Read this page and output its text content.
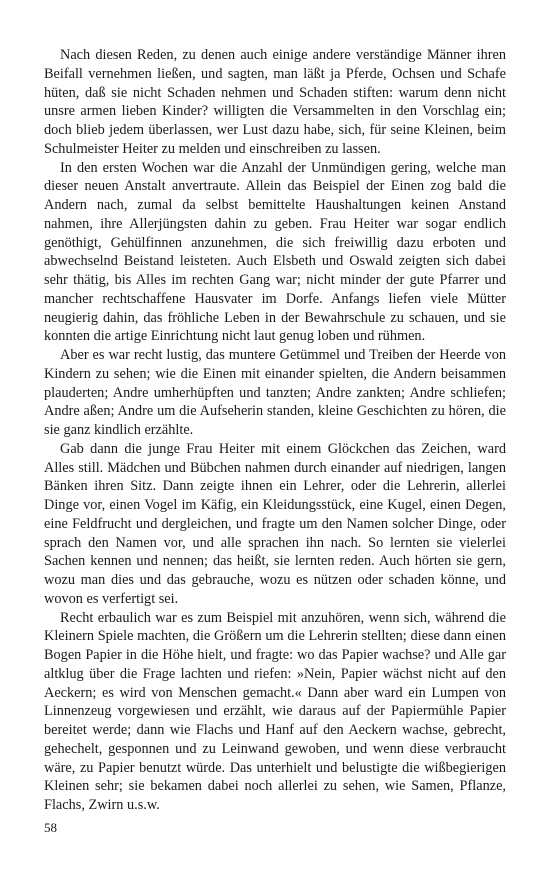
Nach diesen Reden, zu denen auch einige andere verständige Männer ihren Beifall vernehmen ließen, und sagten, man läßt ja Pferde, Ochsen und Schafe hüten, daß sie nicht Schaden nehmen und Schaden stiften: warum denn nicht unsre armen lieben Kinder? willigten die Versammelten in den Vorschlag ein; doch blieb jedem überlassen, wer Lust dazu habe, sich, für seine Kleinen, beim Schulmeister Heiter zu melden und einschreiben zu lassen.

In den ersten Wochen war die Anzahl der Unmündigen gering, welche man dieser neuen Anstalt anvertraute. Allein das Beispiel der Einen zog bald die Andern nach, zumal da selbst bemittelte Haushaltungen keinen Anstand nahmen, ihre Allerjüngsten dahin zu geben. Frau Heiter war sogar endlich genöthigt, Gehülfinnen anzunehmen, die sich freiwillig dazu erboten und abwechselnd Beistand leisteten. Auch Elsbeth und Oswald zeigten sich dabei sehr thätig, bis Alles im rechten Gang war; nicht minder der gute Pfarrer und mancher rechtschaffene Hausvater im Dorfe. Anfangs liefen viele Mütter neugierig dahin, das fröhliche Leben in der Bewahrschule zu schauen, und sie konnten die artige Einrichtung nicht laut genug loben und rühmen.

Aber es war recht lustig, das muntere Getümmel und Treiben der Heerde von Kindern zu sehen; wie die Einen mit einander spielten, die Andern beisammen plauderten; Andre umherhüpften und tanzten; Andre zankten; Andre schliefen; Andre aßen; Andre um die Aufseherin standen, kleine Geschichten zu hören, die sie ganz kindlich erzählte.

Gab dann die junge Frau Heiter mit einem Glöckchen das Zeichen, ward Alles still. Mädchen und Bübchen nahmen durch einander auf niedrigen, langen Bänken ihren Sitz. Dann zeigte ihnen ein Lehrer, oder die Lehrerin, allerlei Dinge vor, einen Vogel im Käfig, ein Kleidungsstück, eine Kugel, einen Degen, eine Feldfrucht und dergleichen, und fragte um den Namen solcher Dinge, oder sprach den Namen vor, und alle sprachen ihn nach. So lernten sie vielerlei Sachen kennen und nennen; das heißt, sie lernten reden. Auch hörten sie gern, wozu man dies und das gebrauche, wozu es nützen oder schaden könne, und wovon es verfertigt sei.

Recht erbaulich war es zum Beispiel mit anzuhören, wenn sich, während die Kleinern Spiele machten, die Größern um die Lehrerin stellten; diese dann einen Bogen Papier in die Höhe hielt, und fragte: wo das Papier wachse? und Alle gar altklug über die Frage lachten und riefen: »Nein, Papier wächst nicht auf den Aeckern; es wird von Menschen gemacht.« Dann aber ward ein Lumpen von Linnenzeug vorgewiesen und erzählt, wie daraus auf der Papiermühle Papier bereitet werde; dann wie Flachs und Hanf auf den Aeckern wachse, gebrecht, gehechelt, gesponnen und zu Leinwand gewoben, und wenn diese verbraucht wäre, zu Papier benutzt würde. Das unterhielt und belustigte die wißbegierigen Kleinen sehr; sie bekamen dabei noch allerlei zu sehen, wie Samen, Pflanze, Flachs, Zwirn u.s.w.

58
